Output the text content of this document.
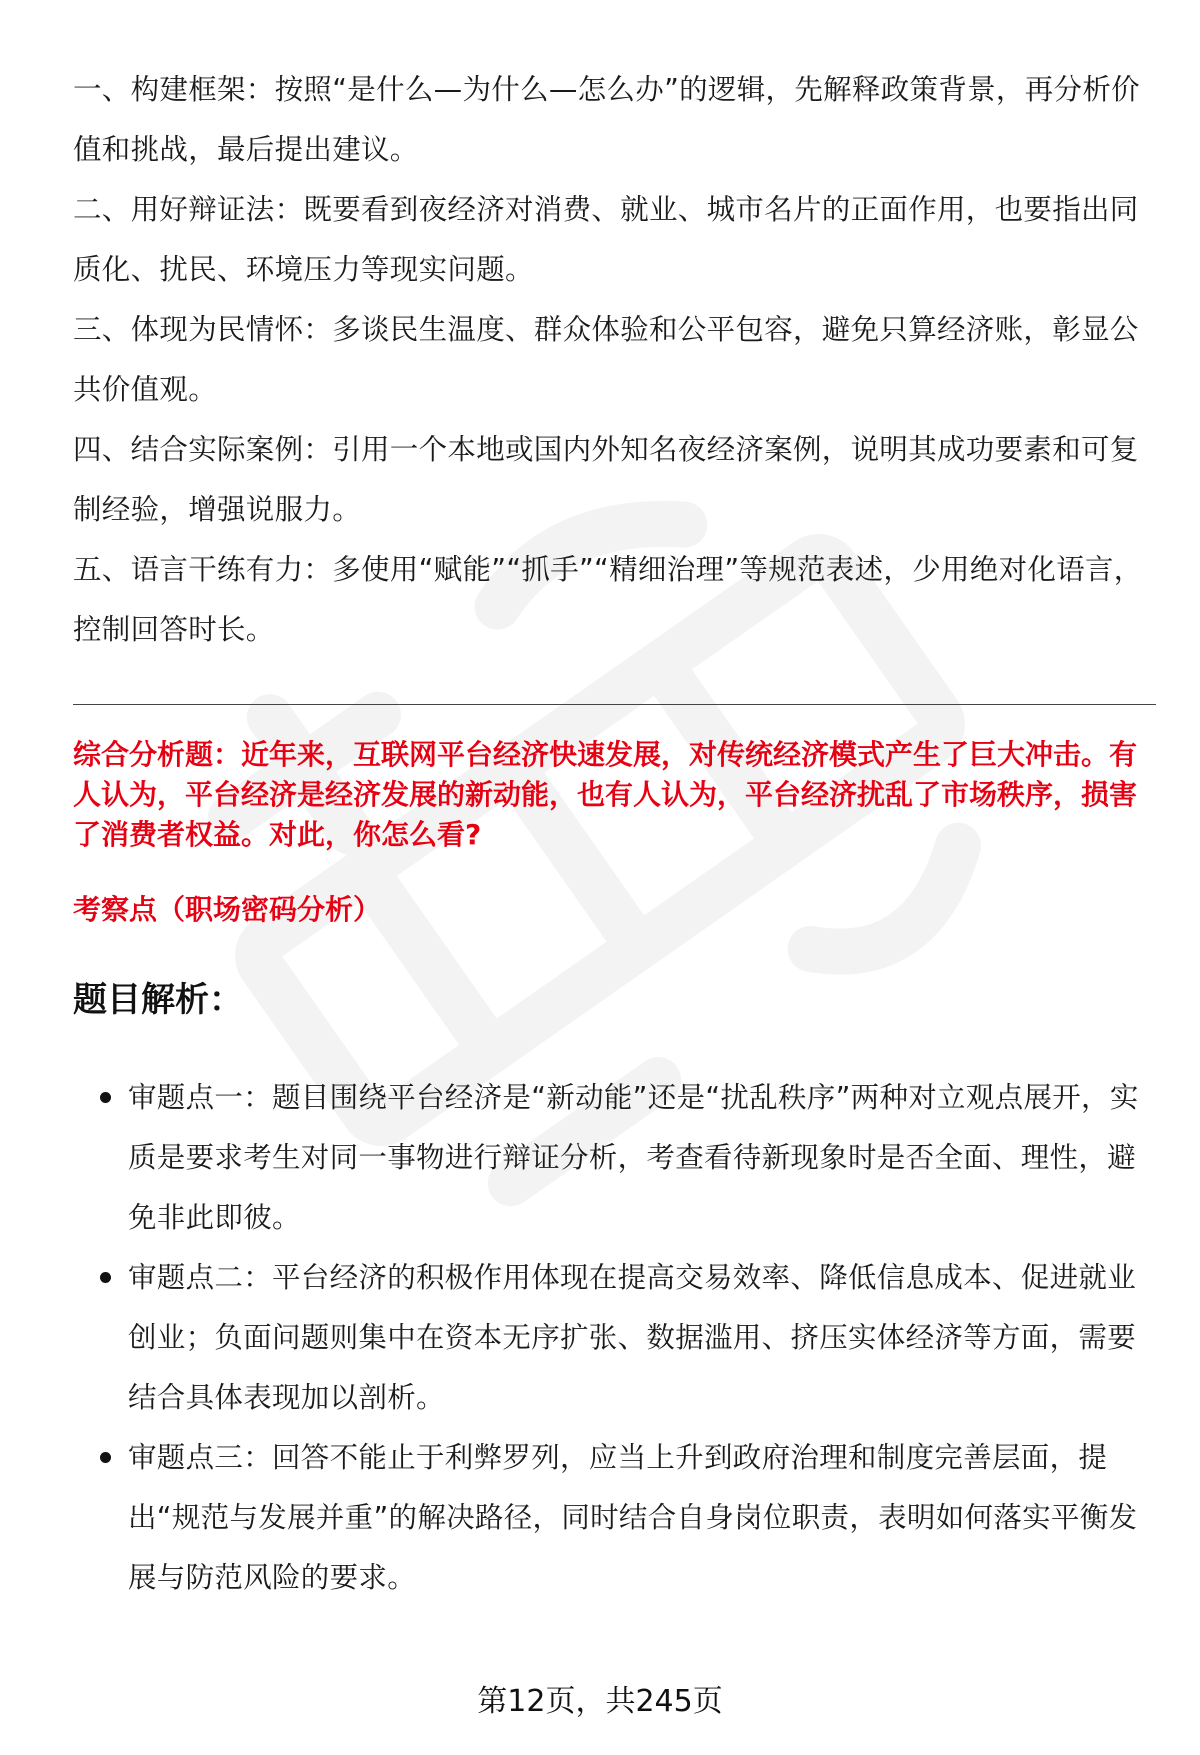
一、构建框架：按照“是什么—为什么—怎么办”的逻辑，先解释政策背景，再分析价值和挑战，最后提出建议。

二、用好辩证法：既要看到夜经济对消费、就业、城市名片的正面作用，也要指出同质化、扰民、环境压力等现实问题。

三、体现为民情怀：多谈民生温度、群众体验和公平包容，避免只算经济账，彰显公共价值观。

四、结合实际案例：引用一个本地或国内外知名夜经济案例，说明其成功要素和可复制经验，增强说服力。

五、语言干练有力：多使用“赋能”“抓手”“精细治理”等规范表述，少用绝对化语言，控制回答时长。

综合分析题：近年来，互联网平台经济快速发展，对传统经济模式产生了巨大冲击。有人认为，平台经济是经济发展的新动能，也有人认为，平台经济扰乱了市场秩序，损害了消费者权益。对此，你怎么看?

考察点（职场密码分析）

题目解析：
审题点一：题目围绕平台经济是“新动能”还是“扰乱秩序”两种对立观点展开，实质是要求考生对同一事物进行辩证分析，考查看待新现象时是否全面、理性，避免非此即彼。
审题点二：平台经济的积极作用体现在提高交易效率、降低信息成本、促进就业创业；负面问题则集中在资本无序扩张、数据滥用、挤压实体经济等方面，需要结合具体表现加以剖析。
审题点三：回答不能止于利弊罗列，应当上升到政府治理和制度完善层面，提出“规范与发展并重”的解决路径，同时结合自身岗位职责，表明如何落实平衡发展与防范风险的要求。
第12页，共245页
